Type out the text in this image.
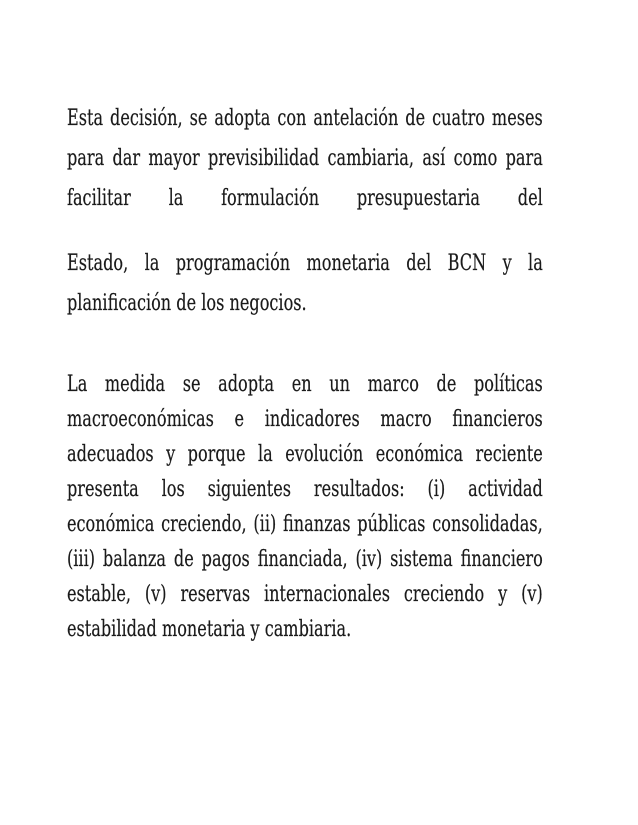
Esta decisión, se adopta con antelación de cuatro meses
para dar mayor previsibilidad cambiaria, así como para
facilitar la formulación presupuestaria del
Estado, la programación monetaria del BCN y la
planificación de los negocios.
La medida se adopta en un marco de políticas
macroeconómicas e indicadores macro financieros
adecuados y porque la evolución económica reciente
presenta los siguientes resultados: (i) actividad
económica creciendo, (ii) finanzas públicas consolidadas,
(iii) balanza de pagos financiada, (iv) sistema financiero
estable, (v) reservas internacionales creciendo y (v)
estabilidad monetaria y cambiaria.
